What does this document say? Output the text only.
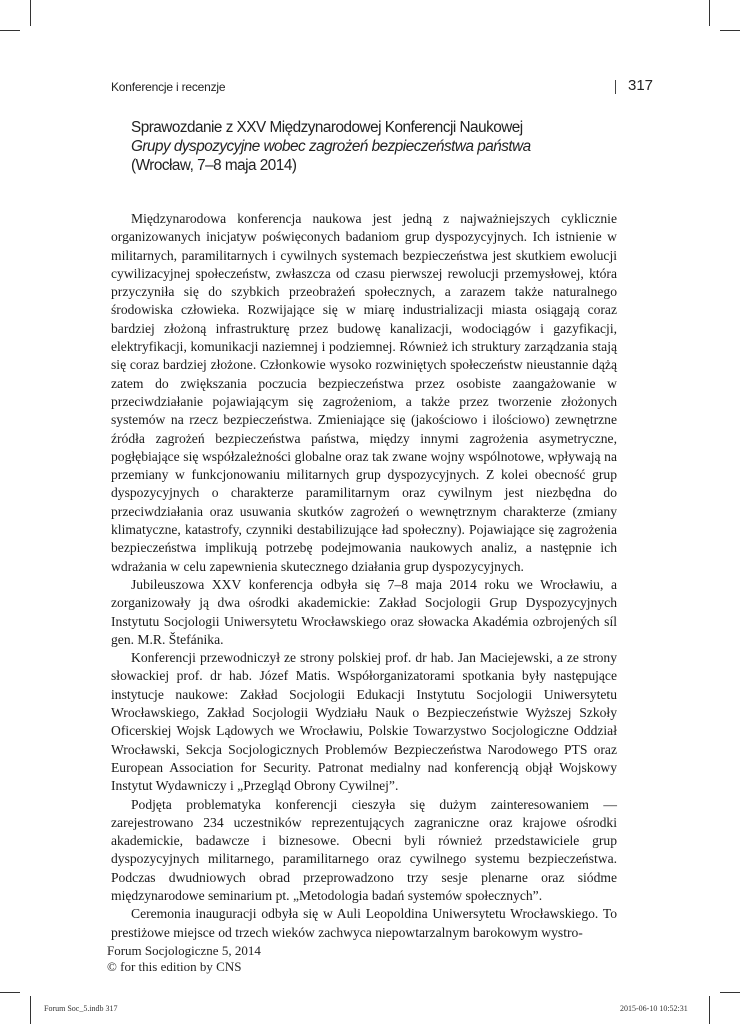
Konferencje i recenzje	317
Sprawozdanie z XXV Międzynarodowej Konferencji Naukowej
Grupy dyspozycyjne wobec zagrożeń bezpieczeństwa państwa
(Wrocław, 7–8 maja 2014)

Międzynarodowa konferencja naukowa jest jedną z najważniejszych cyklicznie organizowanych inicjatyw poświęconych badaniom grup dyspozycyjnych. Ich istnienie w militarnych, paramilitarnych i cywilnych systemach bezpieczeństwa jest skutkiem ewolucji cywilizacyjnej społeczeństw, zwłaszcza od czasu pierwszej rewolucji przemysłowej, która przyczyniła się do szybkich przeobrażeń społecznych, a zarazem także naturalnego środowiska człowieka. Rozwijające się w miarę industrializacji miasta osiągają coraz bardziej złożoną infrastrukturę przez budowę kanalizacji, wodociągów i gazyfikacji, elektryfikacji, komunikacji naziemnej i podziemnej. Również ich struktury zarządzania stają się coraz bardziej złożone. Członkowie wysoko rozwiniętych społeczeństw nieustannie dążą zatem do zwiększania poczucia bezpieczeństwa przez osobiste zaangażowanie w przeciwdziałanie pojawiającym się zagrożeniom, a także przez tworzenie złożonych systemów na rzecz bezpieczeństwa. Zmieniające się (jakościowo i ilościowo) zewnętrzne źródła zagrożeń bezpieczeństwa państwa, między innymi zagrożenia asymetryczne, pogłębiające się współzależności globalne oraz tak zwane wojny wspólnotowe, wpływają na przemiany w funkcjonowaniu militarnych grup dyspozycyjnych. Z kolei obecność grup dyspozycyjnych o charakterze paramilitarnym oraz cywilnym jest niezbędna do przeciwdziałania oraz usuwania skutków zagrożeń o wewnętrznym charakterze (zmiany klimatyczne, katastrofy, czynniki destabilizujące ład społeczny). Pojawiające się zagrożenia bezpieczeństwa implikują potrzebę podejmowania naukowych analiz, a następnie ich wdrażania w celu zapewnienia skutecznego działania grup dyspozycyjnych.

Jubileuszowa XXV konferencja odbyła się 7–8 maja 2014 roku we Wrocławiu, a zorganizowały ją dwa ośrodki akademickie: Zakład Socjologii Grup Dyspozycyjnych Instytutu Socjologii Uniwersytetu Wrocławskiego oraz słowacka Akadémia ozbrojených síl gen. M.R. Štefánika.

Konferencji przewodniczył ze strony polskiej prof. dr hab. Jan Maciejewski, a ze strony słowackiej prof. dr hab. Józef Matis. Współorganizatorami spotkania były następujące instytucje naukowe: Zakład Socjologii Edukacji Instytutu Socjologii Uniwersytetu Wrocławskiego, Zakład Socjologii Wydziału Nauk o Bezpieczeństwie Wyższej Szkoły Oficerskiej Wojsk Lądowych we Wrocławiu, Polskie Towarzystwo Socjologiczne Oddział Wrocławski, Sekcja Socjologicznych Problemów Bezpieczeństwa Narodowego PTS oraz European Association for Security. Patronat medialny nad konferencją objął Wojskowy Instytut Wydawniczy i „Przegląd Obrony Cywilnej”.

Podjęta problematyka konferencji cieszyła się dużym zainteresowaniem — zarejestrowano 234 uczestników reprezentujących zagraniczne oraz krajowe ośrodki akademickie, badawcze i biznesowe. Obecni byli również przedstawiciele grup dyspozycyjnych militarnego, paramilitarnego oraz cywilnego systemu bezpieczeństwa. Podczas dwudniowych obrad przeprowadzono trzy sesje plenarne oraz siódme międzynarodowe seminarium pt. „Metodologia badań systemów społecznych”.

Ceremonia inauguracji odbyła się w Auli Leopoldina Uniwersytetu Wrocławskiego. To prestiżowe miejsce od trzech wieków zachwyca niepowtarzalnym barokowym wystro-

Forum Socjologiczne 5, 2014
© for this edition by CNS
Forum Soc_5.indb 317	2015-06-10 10:52:31
